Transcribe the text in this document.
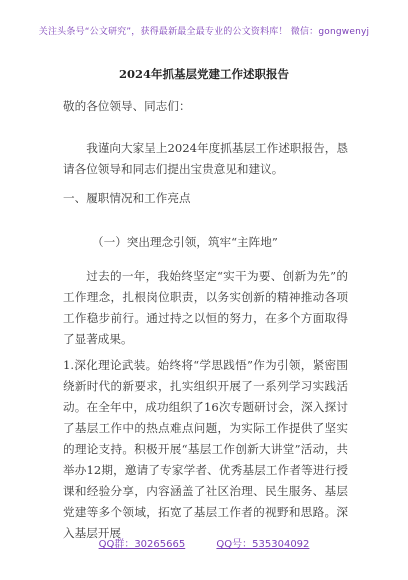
关注头条号“公文研究”，获得最新最全最专业的公文资料库！ 微信：gongwenyj
2024年抓基层党建工作述职报告

敬的各位领导、同志们：

我谨向大家呈上2024年度抓基层工作述职报告，恳请各位领导和同志们提出宝贵意见和建议。

一、履职情况和工作亮点

（一）突出理念引领，筑牢“主阵地”

过去的一年，我始终坚定“实干为要、创新为先”的工作理念，扎根岗位职责，以务实创新的精神推动各项工作稳步前行。通过持之以恒的努力，在多个方面取得了显著成果。

1.深化理论武装。始终将“学思践悟”作为引领，紧密围绕新时代的新要求，扎实组织开展了一系列学习实践活动。在全年中，成功组织了16次专题研讨会，深入探讨了基层工作中的热点难点问题，为实际工作提供了坚实的理论支持。积极开展“基层工作创新大讲堂”活动，共举办12期，邀请了专家学者、优秀基层工作者等进行授课和经验分享，内容涵盖了社区治理、民生服务、基层党建等多个领域，拓宽了基层工作者的视野和思路。深入基层开展

QQ群：30265665	QQ号：535304092
